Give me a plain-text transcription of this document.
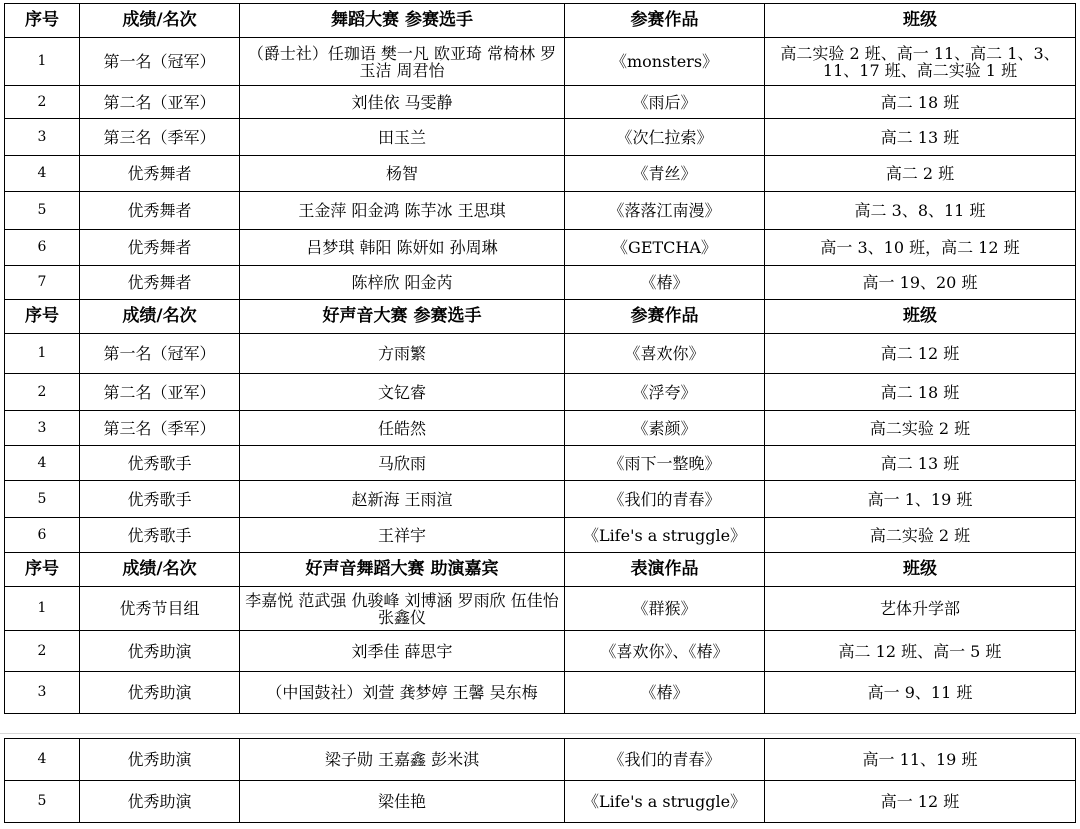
序号	成绩/名次	舞蹈大赛 参赛选手	参赛作品	班级
1	第一名（冠军）	（爵士社）任珈语 樊一凡 欧亚琦 常椅林 罗玉洁 周君怡	《monsters》	高二实验 2 班、高一 11、高二 1、3、11、17 班、高二实验 1 班
2	第二名（亚军）	刘佳依 马雯静	《雨后》	高二 18 班
3	第三名（季军）	田玉兰	《次仁拉索》	高二 13 班
4	优秀舞者	杨智	《青丝》	高二 2 班
5	优秀舞者	王金萍 阳金鸿 陈芋冰 王思琪	《落落江南漫》	高二 3、8、11 班
6	优秀舞者	吕梦琪 韩阳 陈妍如 孙周琳	《GETCHA》	高一 3、10 班，高二 12 班
7	优秀舞者	陈梓欣 阳金芮	《椿》	高一 19、20 班
序号	成绩/名次	好声音大赛 参赛选手	参赛作品	班级
1	第一名（冠军）	方雨繁	《喜欢你》	高二 12 班
2	第二名（亚军）	文钇睿	《浮夸》	高二 18 班
3	第三名（季军）	任皓然	《素颜》	高二实验 2 班
4	优秀歌手	马欣雨	《雨下一整晚》	高二 13 班
5	优秀歌手	赵新海 王雨渲	《我们的青春》	高一 1、19 班
6	优秀歌手	王祥宇	《Life's a struggle》	高二实验 2 班
序号	成绩/名次	好声音舞蹈大赛 助演嘉宾	表演作品	班级
1	优秀节目组	李嘉悦 范武强 仇骏峰 刘博涵 罗雨欣 伍佳怡 张鑫仪	《群猴》	艺体升学部
2	优秀助演	刘季佳 薛思宇	《喜欢你》、《椿》	高二 12 班、高一 5 班
3	优秀助演	（中国鼓社）刘萱 龚梦婷 王馨 吴东梅	《椿》	高一 9、11 班
4	优秀助演	梁子勋 王嘉鑫 彭米淇	《我们的青春》	高一 11、19 班
5	优秀助演	梁佳艳	《Life's a struggle》	高一 12 班
